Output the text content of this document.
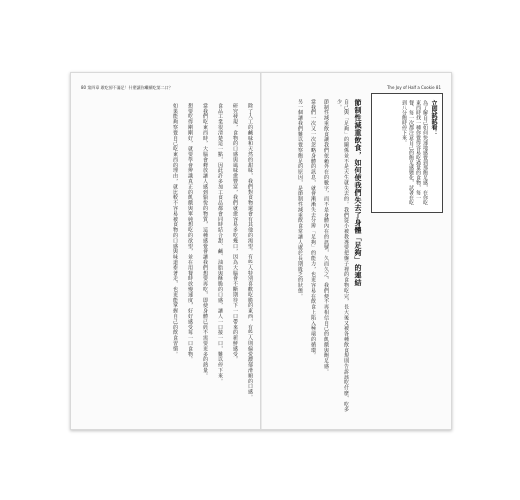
80 第四章 敢吃卻不滿足！什麼讓你繼續吃第二口？

除了人工的鹹味和天然的甜味，我們對食物還會有其他的渴望。有些人特別喜歡吃脆的東西，有些人則偏愛濃郁滑順的口感。

研究發現，食物的口感與風味愈豐富，我們就愈容易多吃幾口，因為大腦會不斷期待下一口帶來的新鮮感受。

食品工業很清楚這一點，因此許多加工食品都會同時結合甜、鹹、油脂與酥脆的口感，讓人一口接一口，難以停下來。

當我們吃東西時，大腦會釋放讓人感到愉悅的物質，這種感覺會讓我們想要再吃，即使身體已經不需要更多的熱量。

想要吃得剛剛好，就要學會辨識真正的飢餓與單純想吃的欲望，並在用餐時放慢速度，好好感受每一口食物。

如果能夠察覺自己吃東西的理由，就比較不容易被食物的口感與味道牽著走，也更能掌握自己的飲食習慣。

The Joy of Half a Cookie 81
立即試試看：
為了解自己如何快速地感覺到那飽足感，在你吃東西時找一種你覺得容易吃過量的食物，每一餐、每一次都注意自己的飽足感變化，試著在吃到八分飽時停下來。
節制性減重飲食，如何使我們失去了身體「足夠」的連結

自己與「足夠」的關係並不是天生就失去的。我們從小被教導要把盤子裡的食物吃完，長大後又被各種飲食規則告訴該吃什麼、吃多少。

節制性減重飲食讓我們依賴外在的數字，而不是身體內在的訊號，久而久之，我們便不再相信自己的飢餓與飽足感。

當我們一次又一次忽略身體的訊息，就會漸漸失去分辨「足夠」的能力，也更容易在飲食上陷入極端的循環。

另一個讓我們難以覺察飽足的原因，是節制性減重飲食常讓人處於長期匱乏的狀態。
